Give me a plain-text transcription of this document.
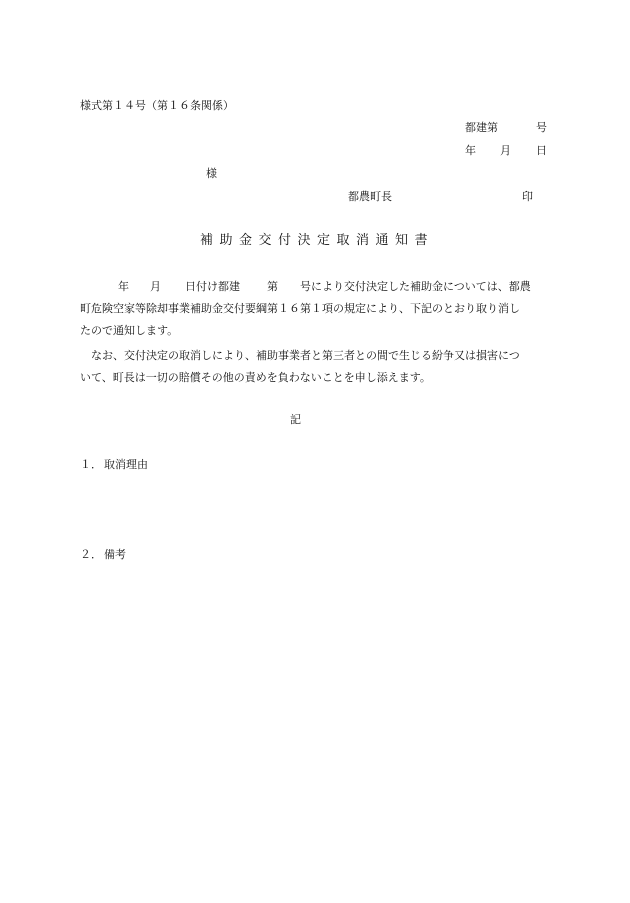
様式第１４号（第１６条関係）
都建第	号
年 月 日
様
都農町長	印
補助金交付決定取消通知書
年 月 日付け都建 第 号により交付決定した補助金については、都農
町危険空家等除却事業補助金交付要綱第１６第１項の規定により、下記のとおり取り消し
たので通知します。
なお、交付決定の取消しにより、補助事業者と第三者との間で生じる紛争又は損害につ
いて、町長は一切の賠償その他の責めを負わないことを申し添えます。
記
１． 取消理由
２． 備考
